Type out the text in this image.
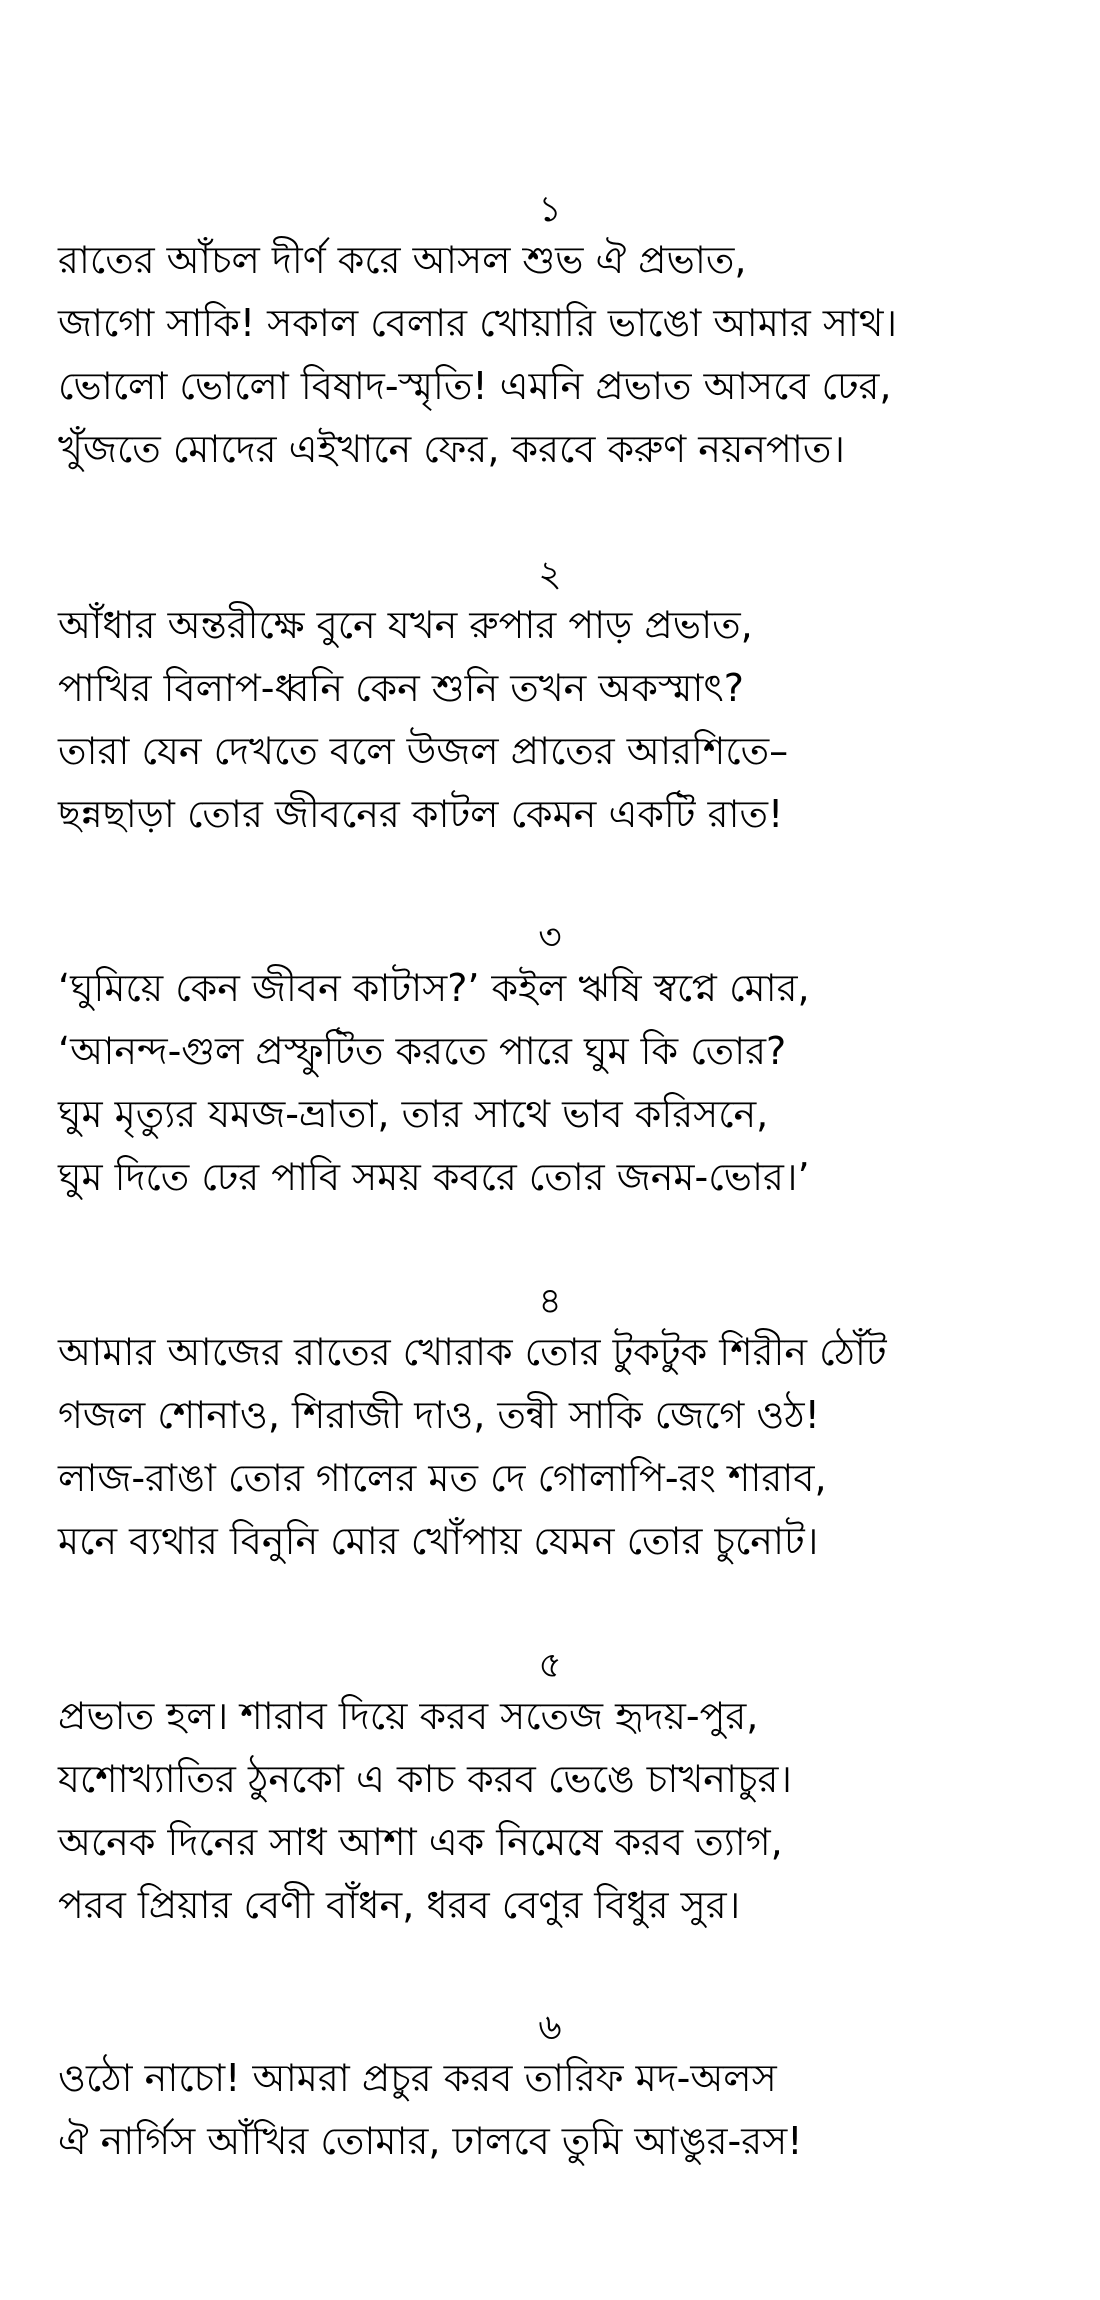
১
রাতের আঁচল দীর্ণ করে আসল শুভ ঐ প্রভাত,
জাগো সাকি! সকাল বেলার খোয়ারি ভাঙো আমার সাথ।
ভোলো ভোলো বিষাদ-স্মৃতি! এমনি প্রভাত আসবে ঢের,
খুঁজতে মোদের এইখানে ফের, করবে করুণ নয়নপাত।
২
আঁধার অন্তরীক্ষে বুনে যখন রুপার পাড় প্রভাত,
পাখির বিলাপ-ধ্বনি কেন শুনি তখন অকস্মাৎ?
তারা যেন দেখতে বলে উজল প্রাতের আরশিতে–
ছন্নছাড়া তোর জীবনের কাটল কেমন একটি রাত!
৩
‘ঘুমিয়ে কেন জীবন কাটাস?’ কইল ঋষি স্বপ্নে মোর,
‘আনন্দ-গুল প্রস্ফুটিত করতে পারে ঘুম কি তোর?
ঘুম মৃত্যুর যমজ-ভ্রাতা, তার সাথে ভাব করিসনে,
ঘুম দিতে ঢের পাবি সময় কবরে তোর জনম-ভোর।’
৪
আমার আজের রাতের খোরাক তোর টুকটুক শিরীন ঠোঁট
গজল শোনাও, শিরাজী দাও, তন্বী সাকি জেগে ওঠ!
লাজ-রাঙা তোর গালের মত দে গোলাপি-রং শারাব,
মনে ব্যথার বিনুনি মোর খোঁপায় যেমন তোর চুনোট।
৫
প্রভাত হল। শারাব দিয়ে করব সতেজ হৃদয়-পুর,
যশোখ্যাতির ঠুনকো এ কাচ করব ভেঙে চাখনাচুর।
অনেক দিনের সাধ আশা এক নিমেষে করব ত্যাগ,
পরব প্রিয়ার বেণী বাঁধন, ধরব বেণুর বিধুর সুর।
৬
ওঠো নাচো! আমরা প্রচুর করব তারিফ মদ-অলস
ঐ নার্গিস আঁখির তোমার, ঢালবে তুমি আঙুর-রস!
